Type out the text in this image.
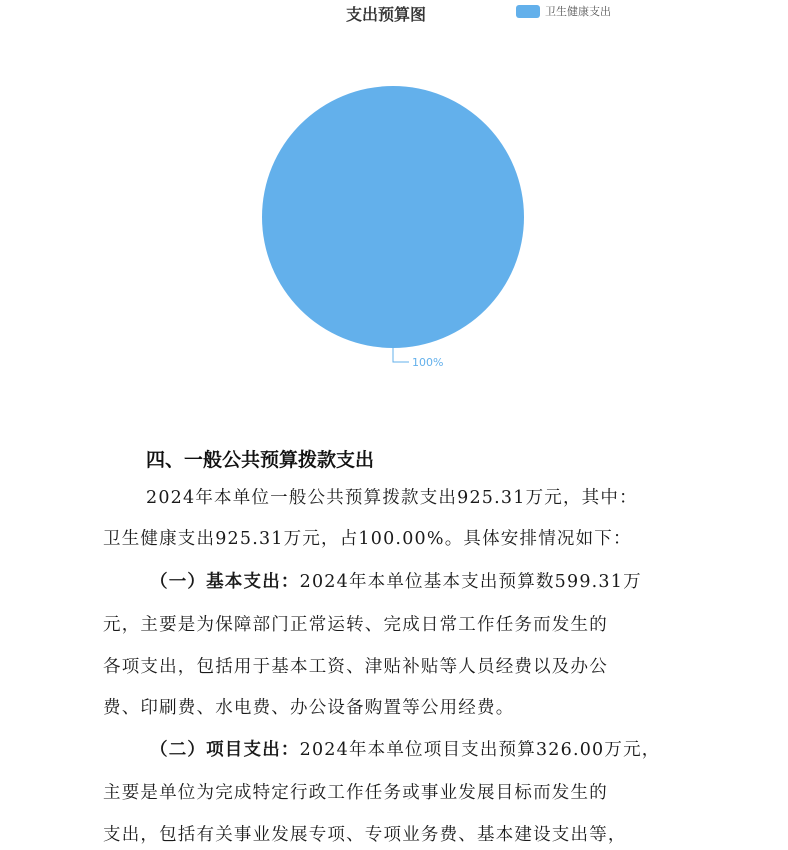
支出预算图	卫生健康支出
100%
四、一般公共预算拨款支出
2024年本单位一般公共预算拨款支出925.31万元，其中：
卫生健康支出925.31万元，占100.00%。具体安排情况如下：
（一）基本支出：2024年本单位基本支出预算数599.31万
元，主要是为保障部门正常运转、完成日常工作任务而发生的
各项支出，包括用于基本工资、津贴补贴等人员经费以及办公
费、印刷费、水电费、办公设备购置等公用经费。
（二）项目支出：2024年本单位项目支出预算326.00万元，
主要是单位为完成特定行政工作任务或事业发展目标而发生的
支出，包括有关事业发展专项、专项业务费、基本建设支出等，
